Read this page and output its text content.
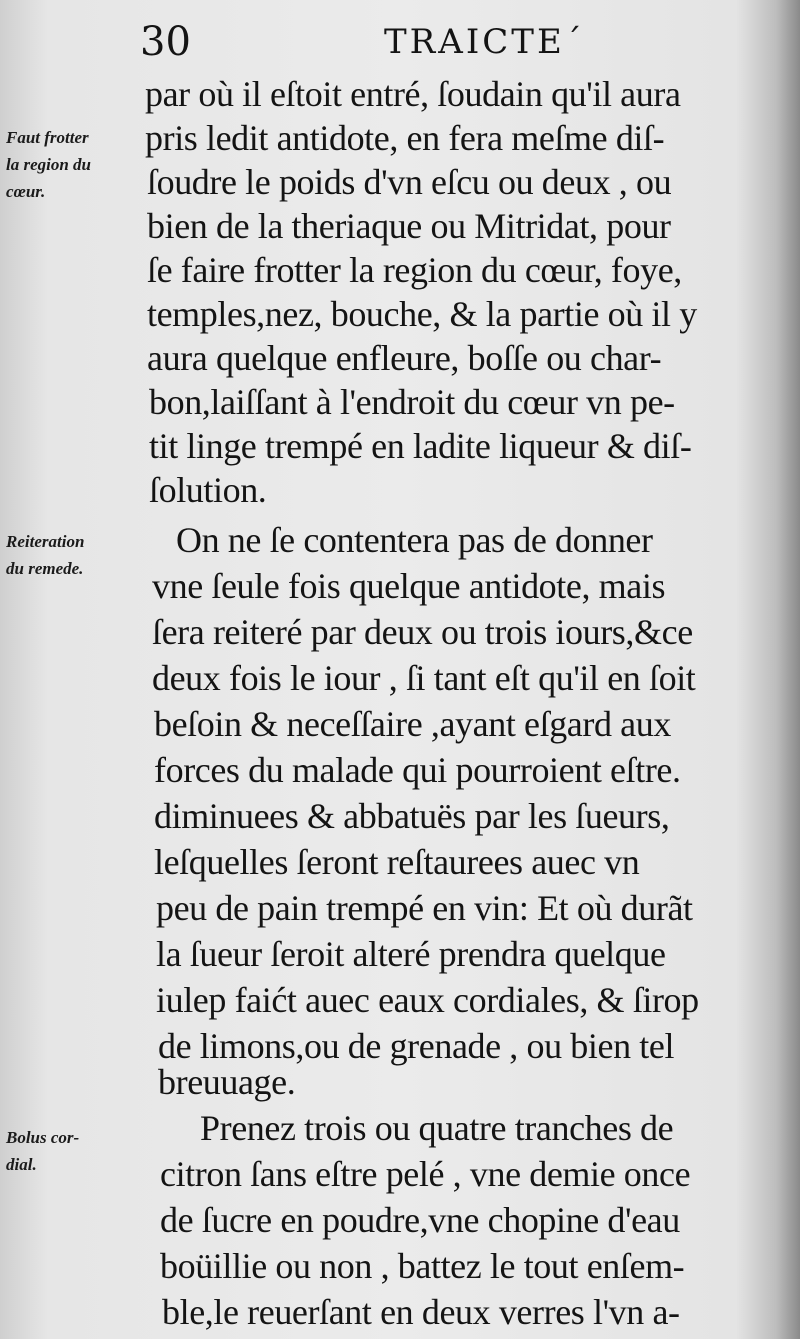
30	TRAICTE´
Faut frotter
la region du
cœur.
Reiteration
du remede.
Bolus cor-
dial.
par où il eſtoit entré, ſoudain qu'il aura
pris ledit antidote, en fera meſme diſ-
ſoudre le poids d'vn eſcu ou deux , ou
bien de la theriaque ou Mitridat, pour
ſe faire frotter la region du cœur, foye,
temples,nez, bouche, & la partie où il y
aura quelque enfleure, boſſe ou char-
bon,laiſſant à l'endroit du cœur vn pe-
tit linge trempé en ladite liqueur & diſ-
ſolution.
On ne ſe contentera pas de donner
vne ſeule fois quelque antidote, mais
ſera reiteré par deux ou trois iours,&ce
deux fois le iour , ſi tant eſt qu'il en ſoit
beſoin & neceſſaire ,ayant eſgard aux
forces du malade qui pourroient eſtre.
diminuees & abbatuës par les ſueurs,
leſquelles ſeront reſtaurees auec vn
peu de pain trempé en vin: Et où durãt
la ſueur ſeroit alteré prendra quelque
iulep faićt auec eaux cordiales, & ſirop
de limons,ou de grenade , ou bien tel
breuuage.
Prenez trois ou quatre tranches de
citron ſans eſtre pelé , vne demie once
de ſucre en poudre,vne chopine d'eau
boüillie ou non , battez le tout enſem-
ble,le reuerſant en deux verres l'vn a-
